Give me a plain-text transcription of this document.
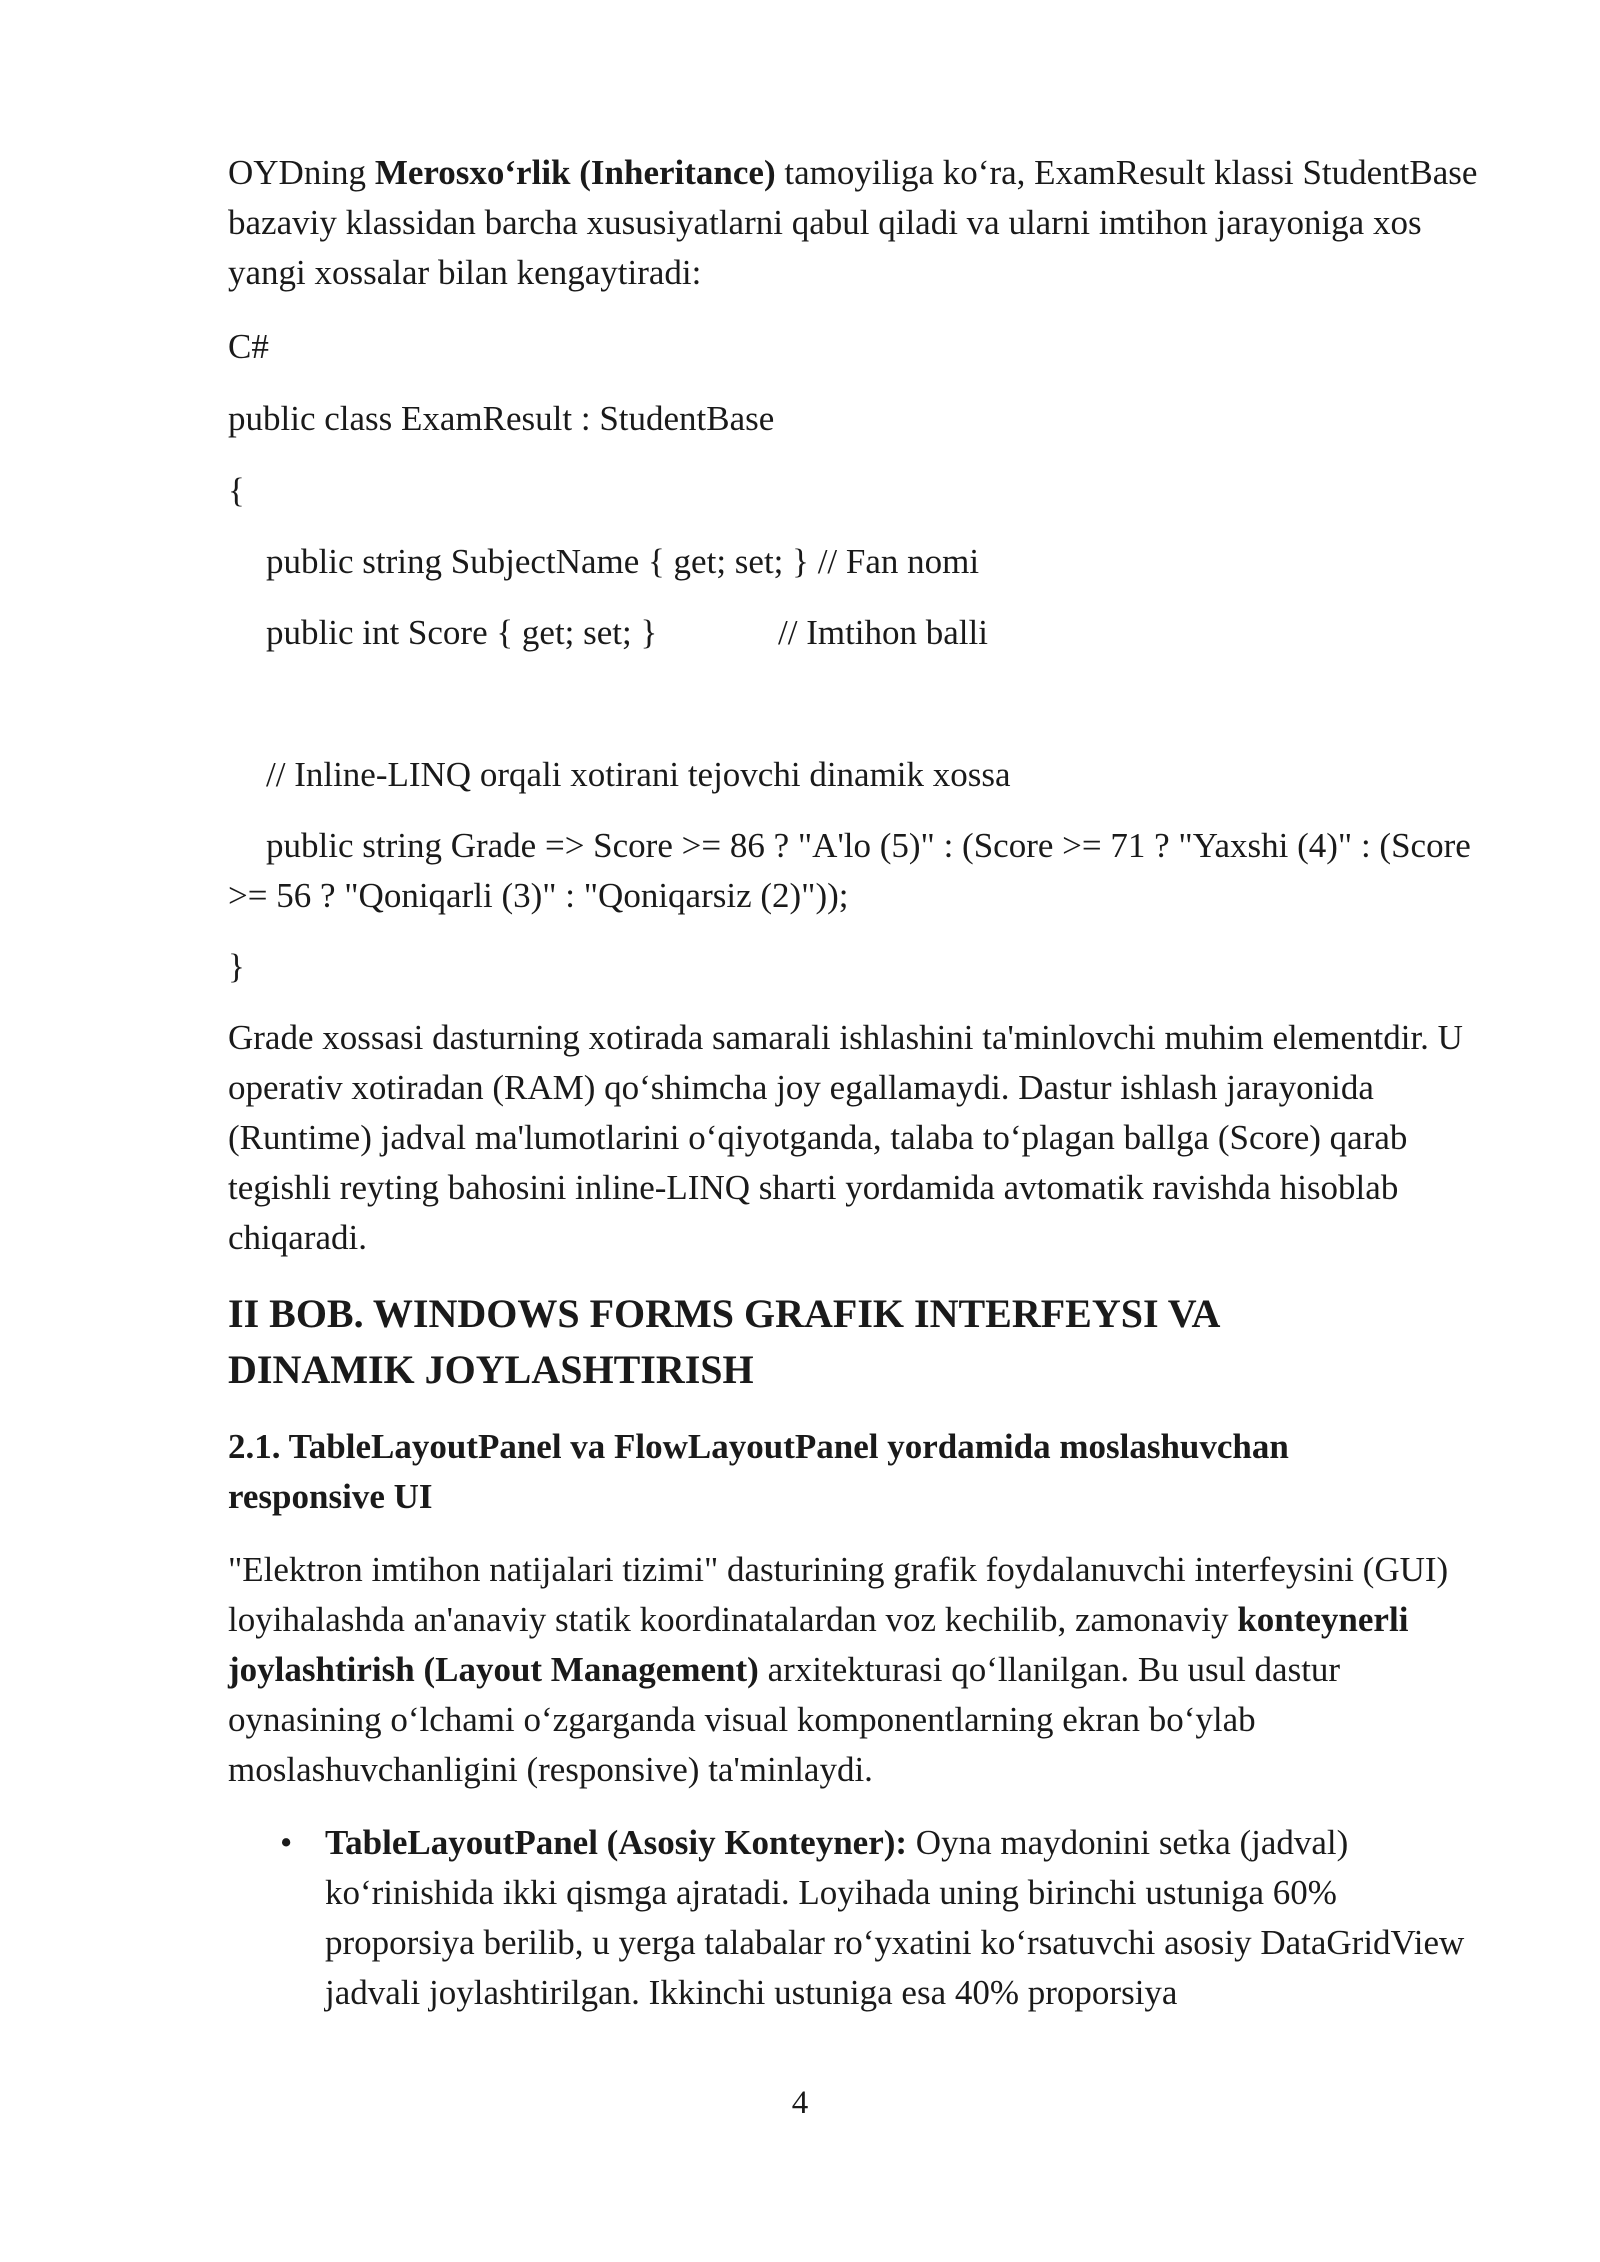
OYDning Merosxoʻrlik (Inheritance) tamoyiliga koʻra, ExamResult klassi StudentBase bazaviy klassidan barcha xususiyatlarni qabul qiladi va ularni imtihon jarayoniga xos yangi xossalar bilan kengaytiradi:

C#

public class ExamResult : StudentBase

{

public string SubjectName { get; set; } // Fan nomi

public int Score { get; set; }	// Imtihon balli

// Inline-LINQ orqali xotirani tejovchi dinamik xossa

public string Grade => Score >= 86 ? "A'lo (5)" : (Score >= 71 ? "Yaxshi (4)" : (Score >= 56 ? "Qoniqarli (3)" : "Qoniqarsiz (2)"));

}

Grade xossasi dasturning xotirada samarali ishlashini ta'minlovchi muhim elementdir. U operativ xotiradan (RAM) qoʻshimcha joy egallamaydi. Dastur ishlash jarayonida (Runtime) jadval ma'lumotlarini oʻqiyotganda, talaba toʻplagan ballga (Score) qarab tegishli reyting bahosini inline-LINQ sharti yordamida avtomatik ravishda hisoblab chiqaradi.

II BOB. WINDOWS FORMS GRAFIK INTERFEYSI VA DINAMIK JOYLASHTIRISH
2.1. TableLayoutPanel va FlowLayoutPanel yordamida moslashuvchan responsive UI

"Elektron imtihon natijalari tizimi" dasturining grafik foydalanuvchi interfeysini (GUI) loyihalashda an'anaviy statik koordinatalardan voz kechilib, zamonaviy konteynerli joylashtirish (Layout Management) arxitekturasi qoʻllanilgan. Bu usul dastur oynasining oʻlchami oʻzgarganda visual komponentlarning ekran boʻylab moslashuvchanligini (responsive) ta'minlaydi.

• TableLayoutPanel (Asosiy Konteyner): Oyna maydonini setka (jadval) koʻrinishida ikki qismga ajratadi. Loyihada uning birinchi ustuniga 60% proporsiya berilib, u yerga talabalar roʻyxatini koʻrsatuvchi asosiy DataGridView jadvali joylashtirilgan. Ikkinchi ustuniga esa 40% proporsiya
4
